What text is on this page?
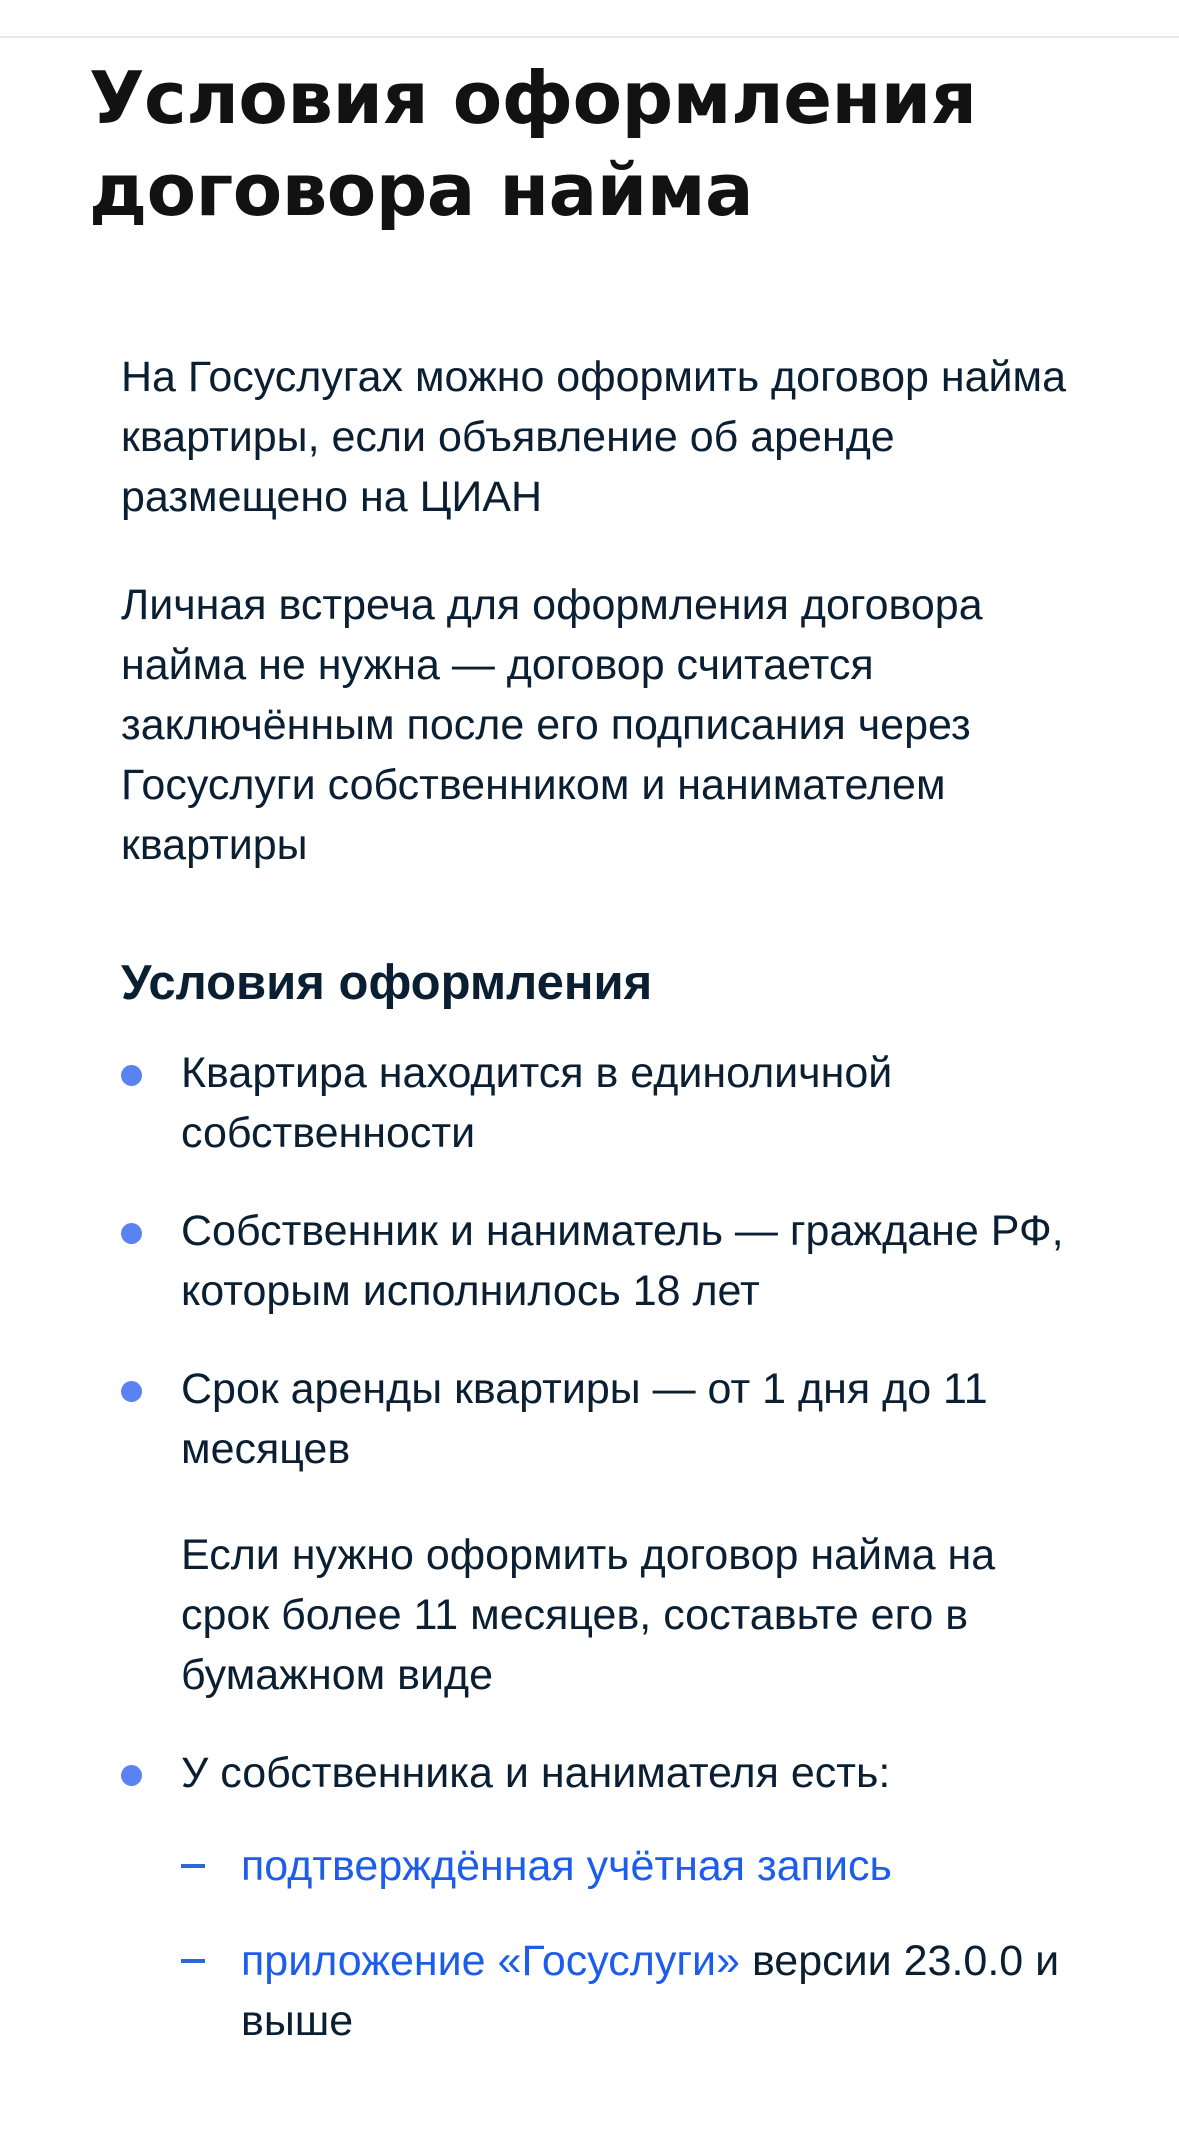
Условия оформления договора найма

На Госуслугах можно оформить договор найма квартиры, если объявление об аренде размещено на ЦИАН

Личная встреча для оформления договора найма не нужна — договор считается заключённым после его подписания через Госуслуги собственником и нанимателем квартиры

Условия оформления
Квартира находится в единоличной собственности
Собственник и наниматель — граждане РФ, которым исполнилось 18 лет
Срок аренды квартиры — от 1 дня до 11 месяцев
Если нужно оформить договор найма на срок более 11 месяцев, составьте его в бумажном виде
У собственника и нанимателя есть:
подтверждённая учётная запись
приложение «Госуслуги» версии 23.0.0 и выше
